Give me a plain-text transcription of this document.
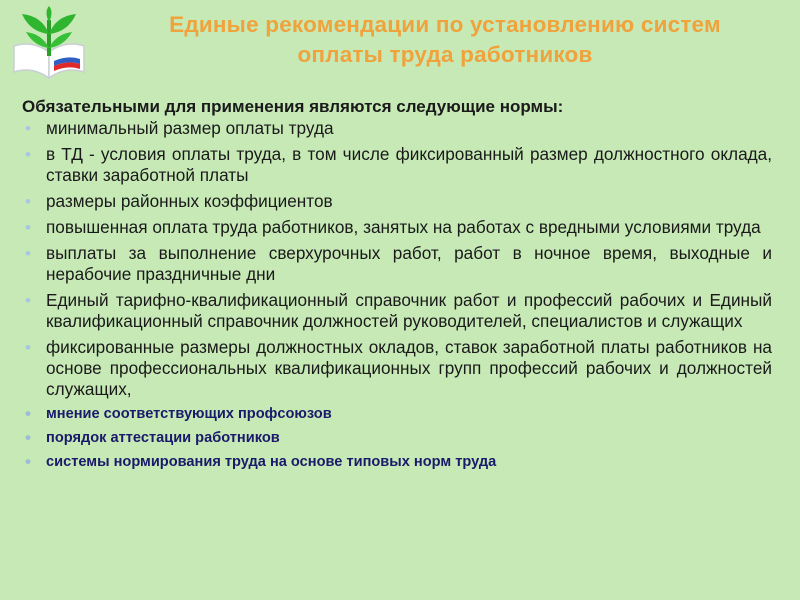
Единые рекомендации по установлению систем
оплаты труда работников
Обязательными для применения являются следующие нормы:
• минимальный размер оплаты труда
• в ТД - условия оплаты труда, в том числе фиксированный размер должностного оклада, ставки заработной платы
• размеры районных коэффициентов
• повышенная оплата труда работников, занятых на работах с вредными условиями труда
• выплаты за выполнение сверхурочных работ, работ в ночное время, выходные и нерабочие праздничные дни
• Единый тарифно-квалификационный справочник работ и профессий рабочих и Единый квалификационный справочник должностей руководителей, специалистов и служащих
• фиксированные размеры должностных окладов, ставок заработной платы работников на основе профессиональных квалификационных групп профессий рабочих и должностей служащих,
• мнение соответствующих профсоюзов
• порядок аттестации работников
• системы нормирования труда на основе типовых норм труда
